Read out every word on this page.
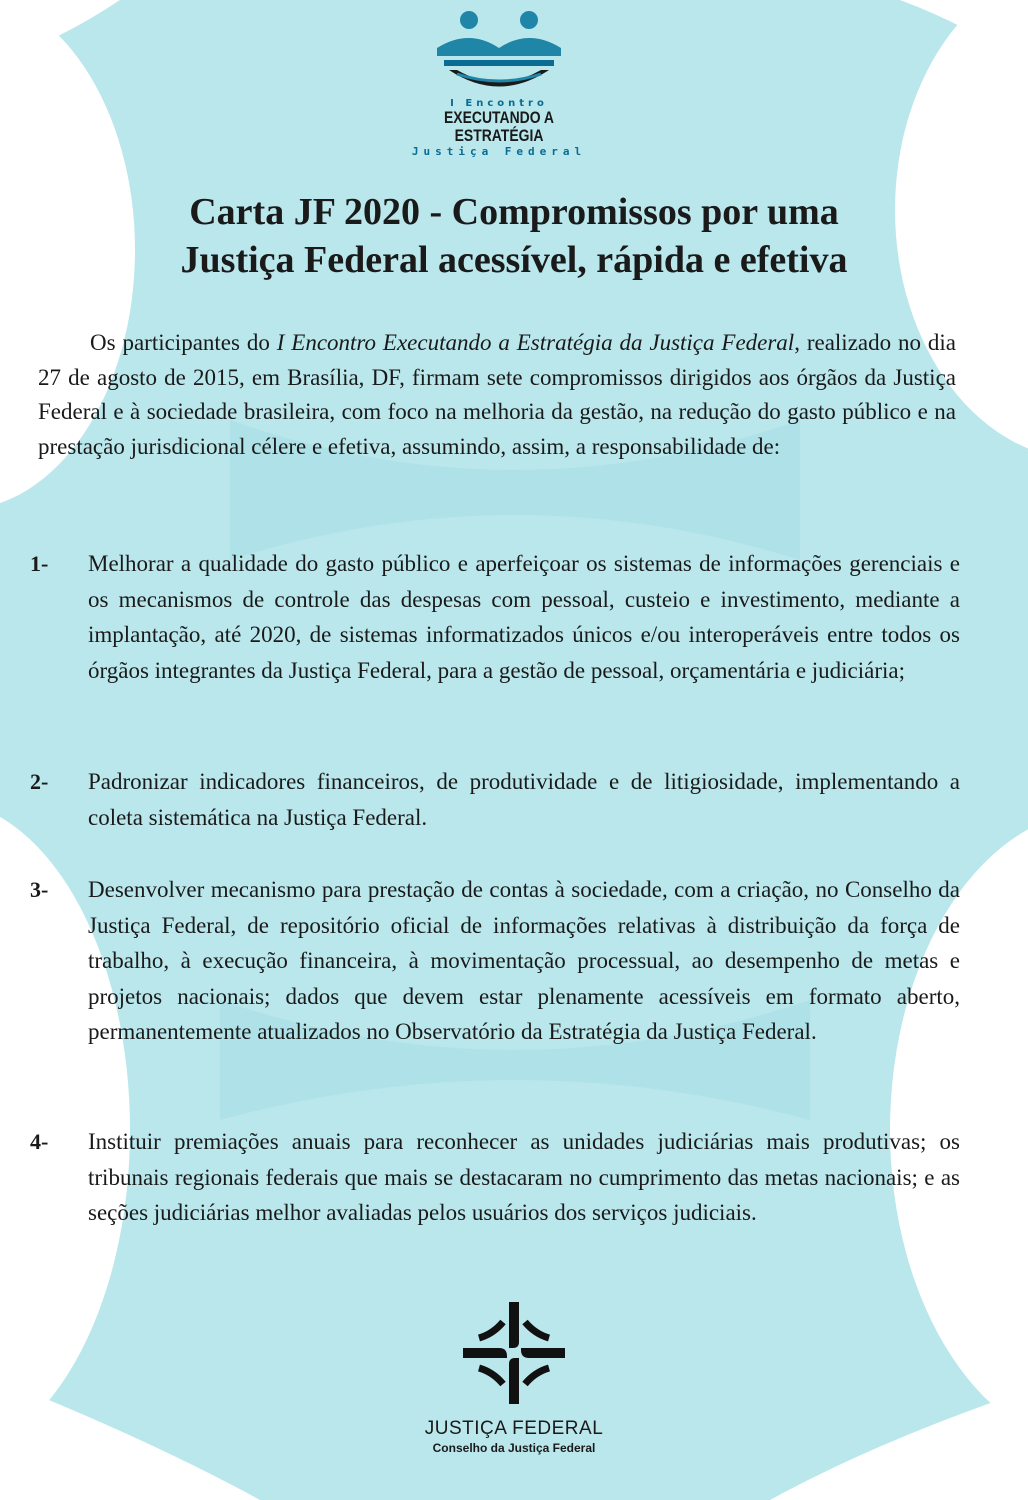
I Encontro
EXECUTANDO A ESTRATÉGIA
Justiça Federal
Carta JF 2020 - Compromissos por uma
Justiça Federal acessível, rápida e efetiva
Os participantes do I Encontro Executando a Estratégia da Justiça Federal, realizado no dia 27 de agosto de 2015, em Brasília, DF, firmam sete compromissos dirigidos aos órgãos da Justiça Federal e à sociedade brasileira, com foco na melhoria da gestão, na redução do gasto público e na prestação jurisdicional célere e efetiva, assumindo, assim, a responsabilidade de:
1-	Melhorar a qualidade do gasto público e aperfeiçoar os sistemas de informações gerenciais e os mecanismos de controle das despesas com pessoal, custeio e investimento, mediante a implantação, até 2020, de sistemas informatizados únicos e/ou interoperáveis entre todos os órgãos integrantes da Justiça Federal, para a gestão de pessoal, orçamentária e judiciária;
2-	Padronizar indicadores financeiros, de produtividade e de litigiosidade, implementando a coleta sistemática na Justiça Federal.
3-	Desenvolver mecanismo para prestação de contas à sociedade, com a criação, no Conselho da Justiça Federal, de repositório oficial de informações relativas à distribuição da força de trabalho, à execução financeira, à movimentação processual, ao desempenho de metas e projetos nacionais; dados que devem estar plenamente acessíveis em formato aberto, permanentemente atualizados no Observatório da Estratégia da Justiça Federal.
4-	Instituir premiações anuais para reconhecer as unidades judiciárias mais produtivas; os tribunais regionais federais que mais se destacaram no cumprimento das metas nacionais; e as seções judiciárias melhor avaliadas pelos usuários dos serviços judiciais.
JUSTIÇA FEDERAL
Conselho da Justiça Federal
